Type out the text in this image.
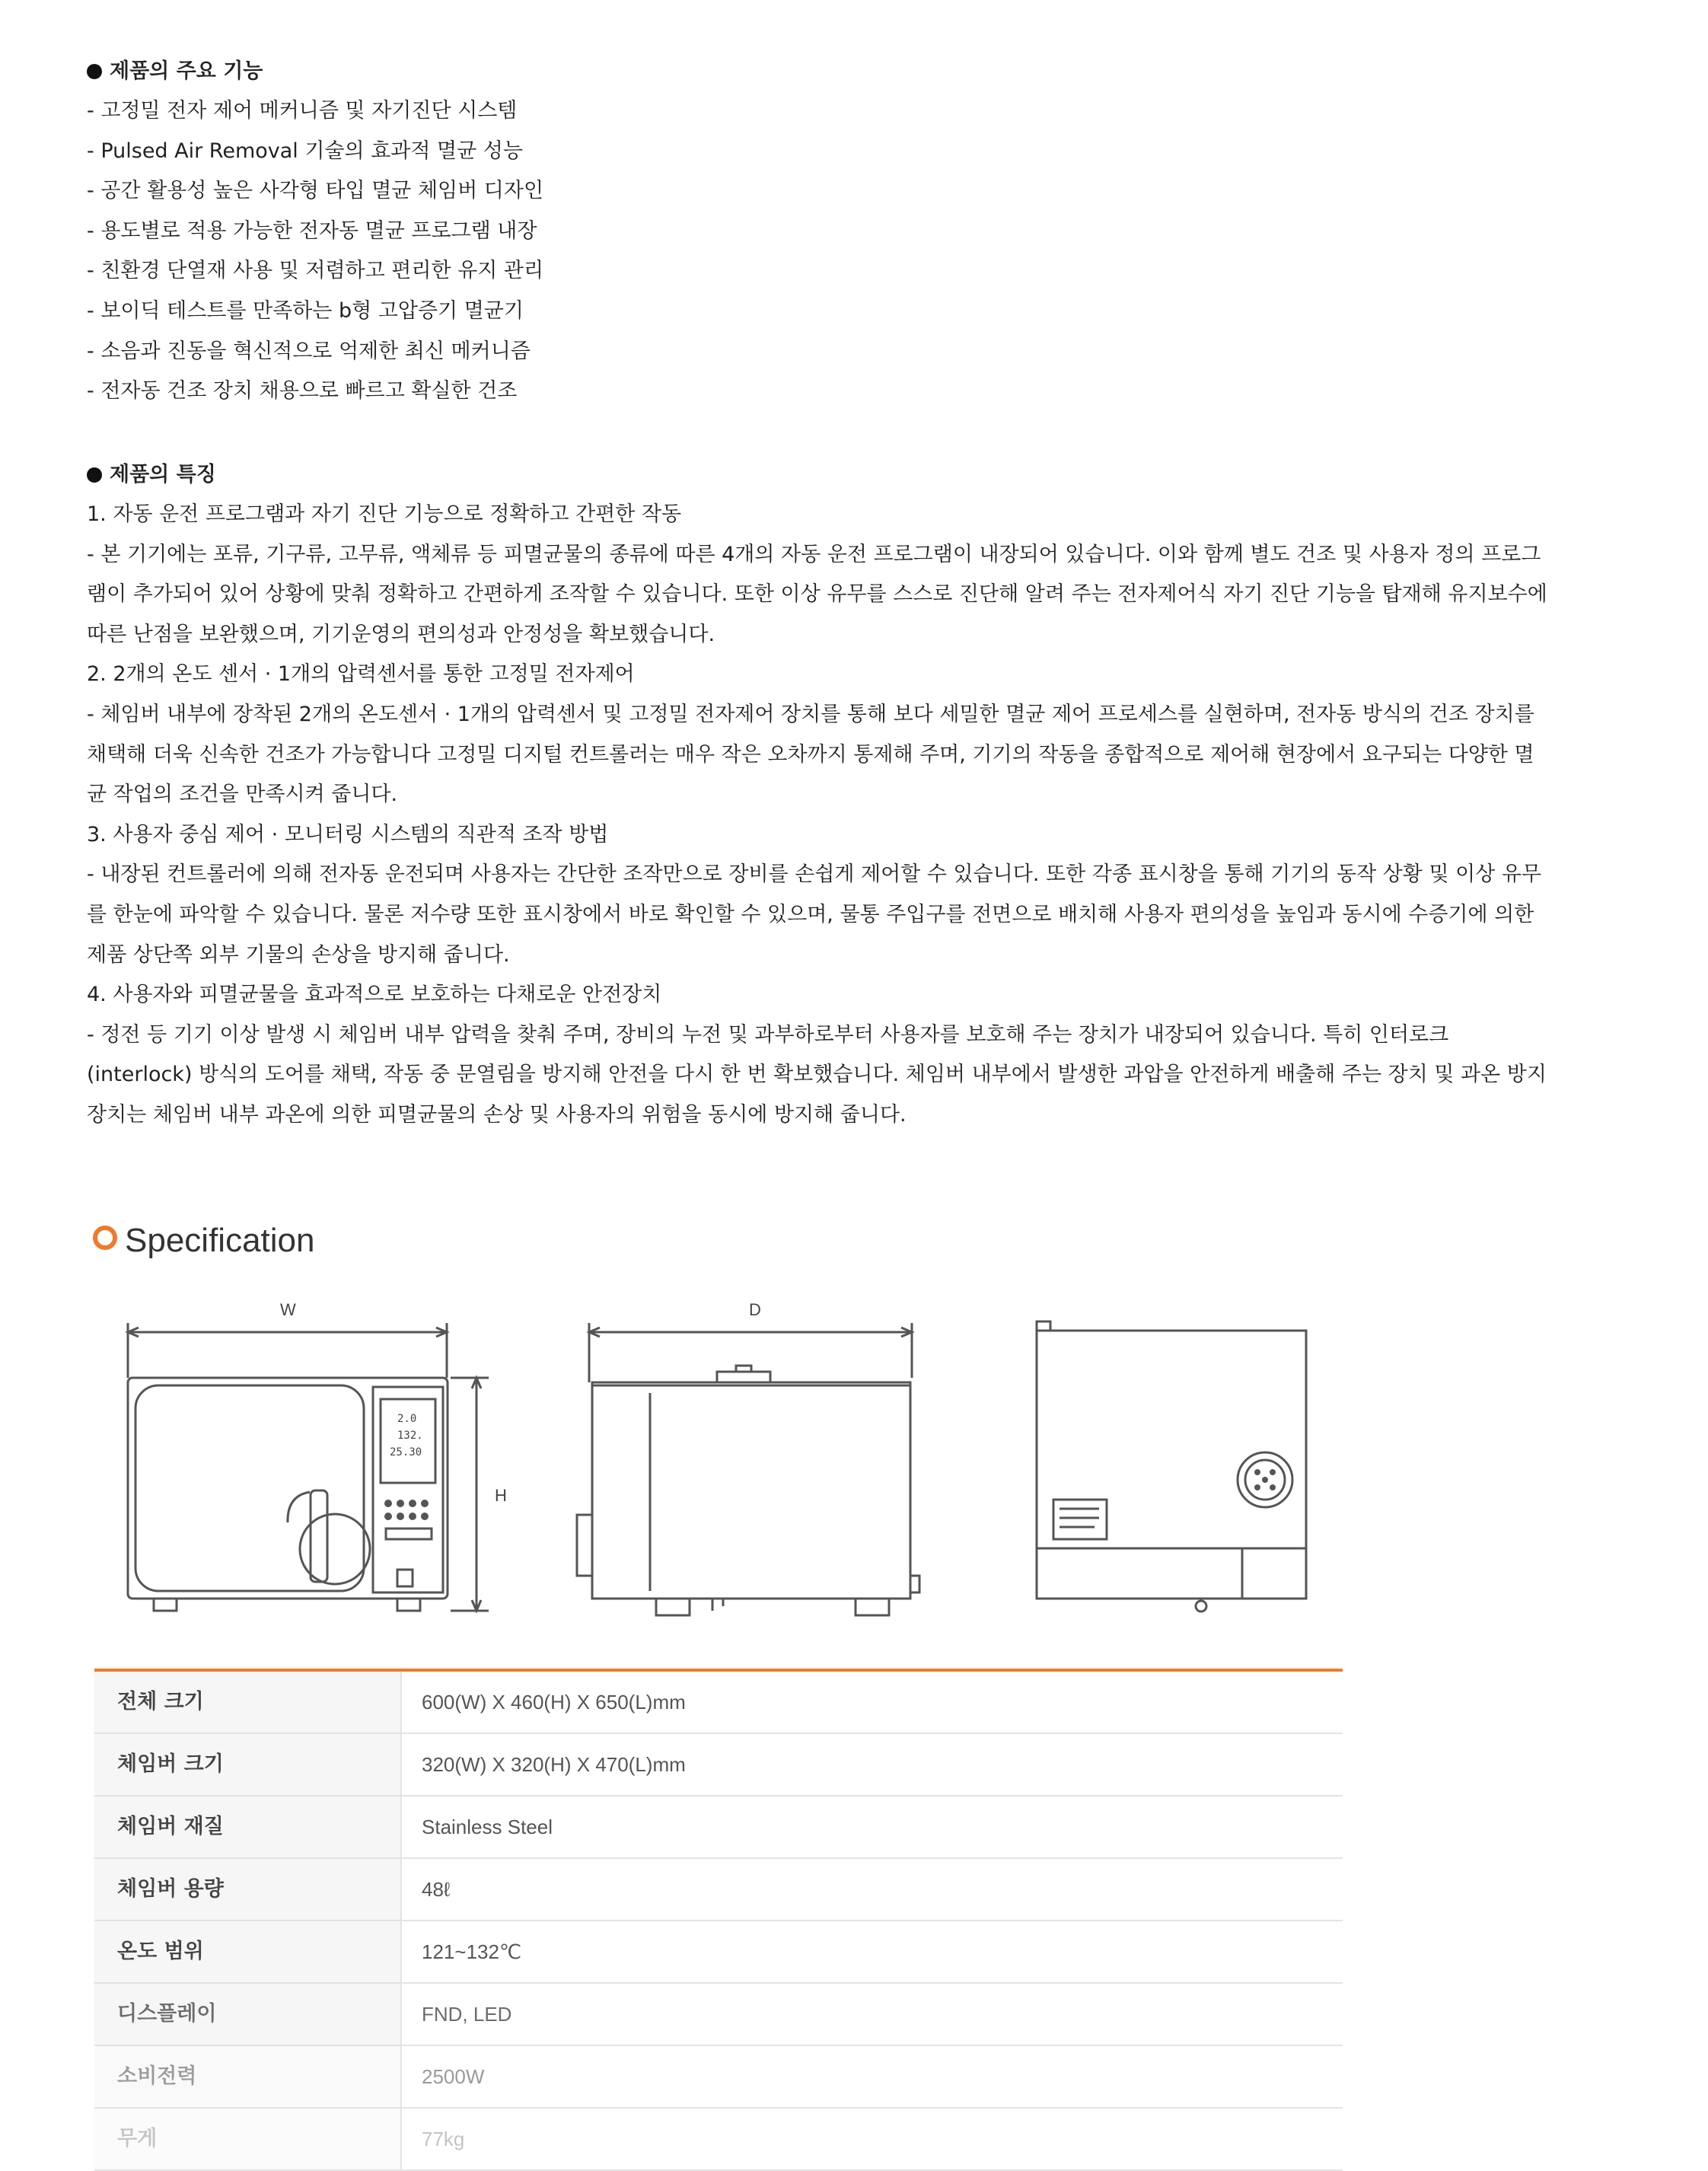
제품의 주요 기능

- 고정밀 전자 제어 메커니즘 및 자기진단 시스템

- Pulsed Air Removal 기술의 효과적 멸균 성능

- 공간 활용성 높은 사각형 타입 멸균 체임버 디자인

- 용도별로 적용 가능한 전자동 멸균 프로그램 내장

- 친환경 단열재 사용 및 저렴하고 편리한 유지 관리

- 보이딕 테스트를 만족하는 b형 고압증기 멸균기

- 소음과 진동을 혁신적으로 억제한 최신 메커니즘

- 전자동 건조 장치 채용으로 빠르고 확실한 건조

제품의 특징

1. 자동 운전 프로그램과 자기 진단 기능으로 정확하고 간편한 작동

- 본 기기에는 포류, 기구류, 고무류, 액체류 등 피멸균물의 종류에 따른 4개의 자동 운전 프로그램이 내장되어 있습니다. 이와 함께 별도 건조 및 사용자 정의 프로그

램이 추가되어 있어 상황에 맞춰 정확하고 간편하게 조작할 수 있습니다. 또한 이상 유무를 스스로 진단해 알려 주는 전자제어식 자기 진단 기능을 탑재해 유지보수에

따른 난점을 보완했으며, 기기운영의 편의성과 안정성을 확보했습니다.

2. 2개의 온도 센서 · 1개의 압력센서를 통한 고정밀 전자제어

- 체임버 내부에 장착된 2개의 온도센서 · 1개의 압력센서 및 고정밀 전자제어 장치를 통해 보다 세밀한 멸균 제어 프로세스를 실현하며, 전자동 방식의 건조 장치를

채택해 더욱 신속한 건조가 가능합니다 고정밀 디지털 컨트롤러는 매우 작은 오차까지 통제해 주며, 기기의 작동을 종합적으로 제어해 현장에서 요구되는 다양한 멸

균 작업의 조건을 만족시켜 줍니다.

3. 사용자 중심 제어 · 모니터링 시스템의 직관적 조작 방법

- 내장된 컨트롤러에 의해 전자동 운전되며 사용자는 간단한 조작만으로 장비를 손쉽게 제어할 수 있습니다. 또한 각종 표시창을 통해 기기의 동작 상황 및 이상 유무

를 한눈에 파악할 수 있습니다. 물론 저수량 또한 표시창에서 바로 확인할 수 있으며, 물통 주입구를 전면으로 배치해 사용자 편의성을 높임과 동시에 수증기에 의한

제품 상단쪽 외부 기물의 손상을 방지해 줍니다.

4. 사용자와 피멸균물을 효과적으로 보호하는 다채로운 안전장치

- 정전 등 기기 이상 발생 시 체임버 내부 압력을 찾춰 주며, 장비의 누전 및 과부하로부터 사용자를 보호해 주는 장치가 내장되어 있습니다. 특히 인터로크

(interlock) 방식의 도어를 채택, 작동 중 문열림을 방지해 안전을 다시 한 번 확보했습니다. 체임버 내부에서 발생한 과압을 안전하게 배출해 주는 장치 및 과온 방지

장치는 체임버 내부 과온에 의한 피멸균물의 손상 및 사용자의 위험을 동시에 방지해 줍니다.

Specification
W	D
H
2.0
132.
25.30
전체 크기	600(W) X 460(H) X 650(L)mm
체임버 크기	320(W) X 320(H) X 470(L)mm
체임버 재질	Stainless Steel
체임버 용량	48ℓ
온도 범위	121~132℃
디스플레이	FND, LED
소비전력	2500W
무게	77kg
